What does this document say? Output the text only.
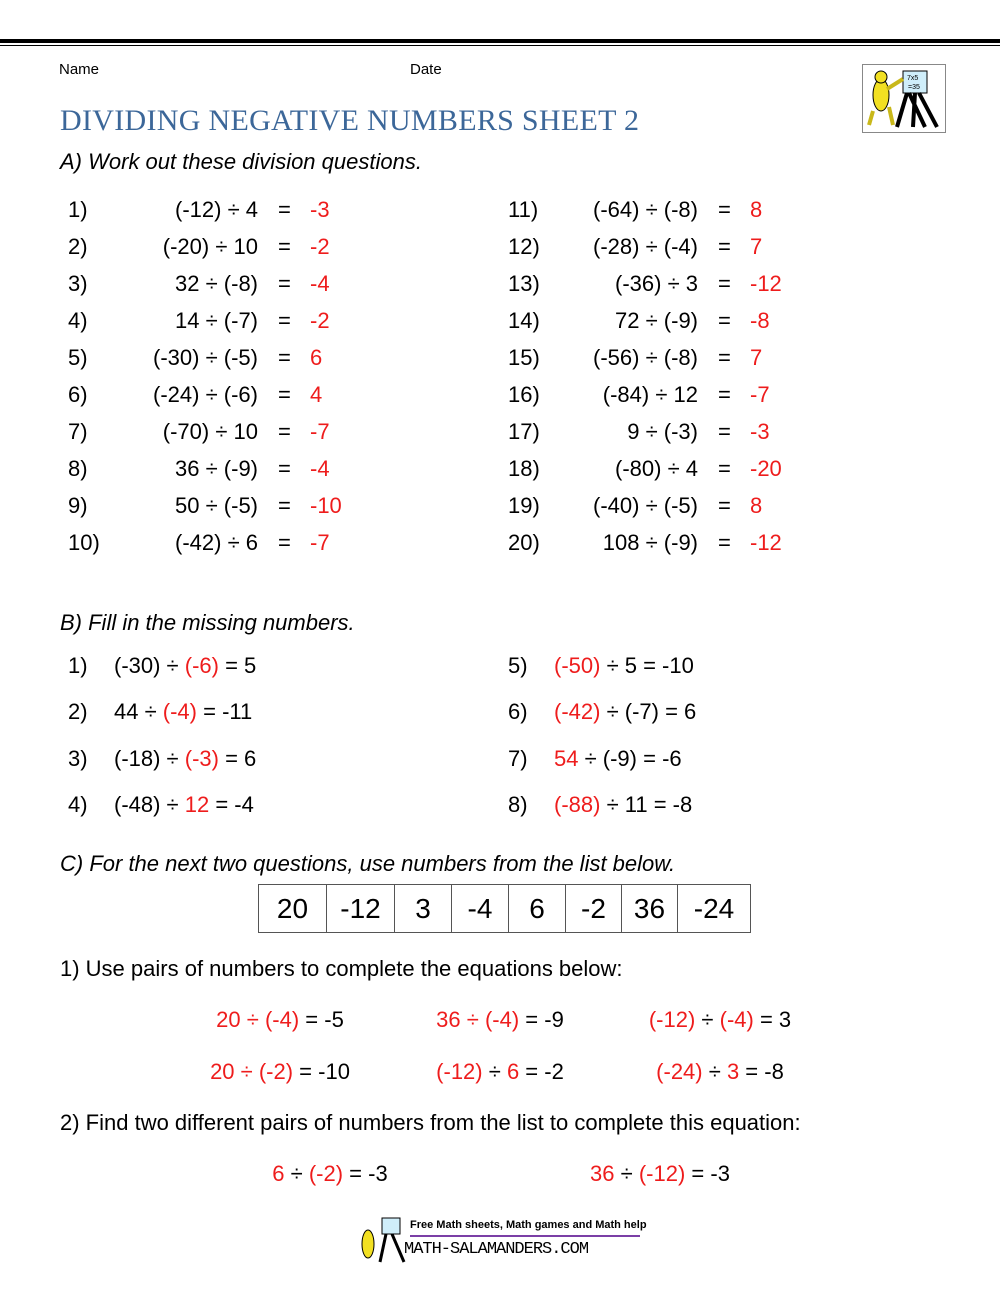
Name	Date
7x5
=35
DIVIDING NEGATIVE NUMBERS SHEET 2
A) Work out these division questions.
1)	(-12) ÷ 4 = -3
2)	(-20) ÷ 10 = -2
3)	32 ÷ (-8) = -4
4)	14 ÷ (-7) = -2
5)	(-30) ÷ (-5) = 6
6)	(-24) ÷ (-6) = 4
7)	(-70) ÷ 10 = -7
8)	36 ÷ (-9) = -4
9)	50 ÷ (-5) = -10
10)	(-42) ÷ 6 = -7
11)	(-64) ÷ (-8) = 8
12)	(-28) ÷ (-4) = 7
13)	(-36) ÷ 3 = -12
14)	72 ÷ (-9) = -8
15)	(-56) ÷ (-8) = 7
16)	(-84) ÷ 12 = -7
17)	9 ÷ (-3) = -3
18)	(-80) ÷ 4 = -20
19)	(-40) ÷ (-5) = 8
20)	108 ÷ (-9) = -12
B) Fill in the missing numbers.
1) (-30) ÷ (-6) = 5
2) 44 ÷ (-4) = -11
3) (-18) ÷ (-3) = 6
4) (-48) ÷ 12 = -4
5) (-50) ÷ 5 = -10
6) (-42) ÷ (-7) = 6
7) 54 ÷ (-9) = -6
8) (-88) ÷ 11 = -8
C) For the next two questions, use numbers from the list below.
20	-12	3	-4	6	-2 36	-24
1) Use pairs of numbers to complete the equations below:
20 ÷ (-4) = -5	36 ÷ (-4) = -9	(-12) ÷ (-4) = 3
20 ÷ (-2) = -10	(-12) ÷ 6 = -2	(-24) ÷ 3 = -8
2) Find two different pairs of numbers from the list to complete this equation:
6 ÷ (-2) = -3	36 ÷ (-12) = -3
Free Math sheets, Math games and Math help
MATH-SALAMANDERS.COM
